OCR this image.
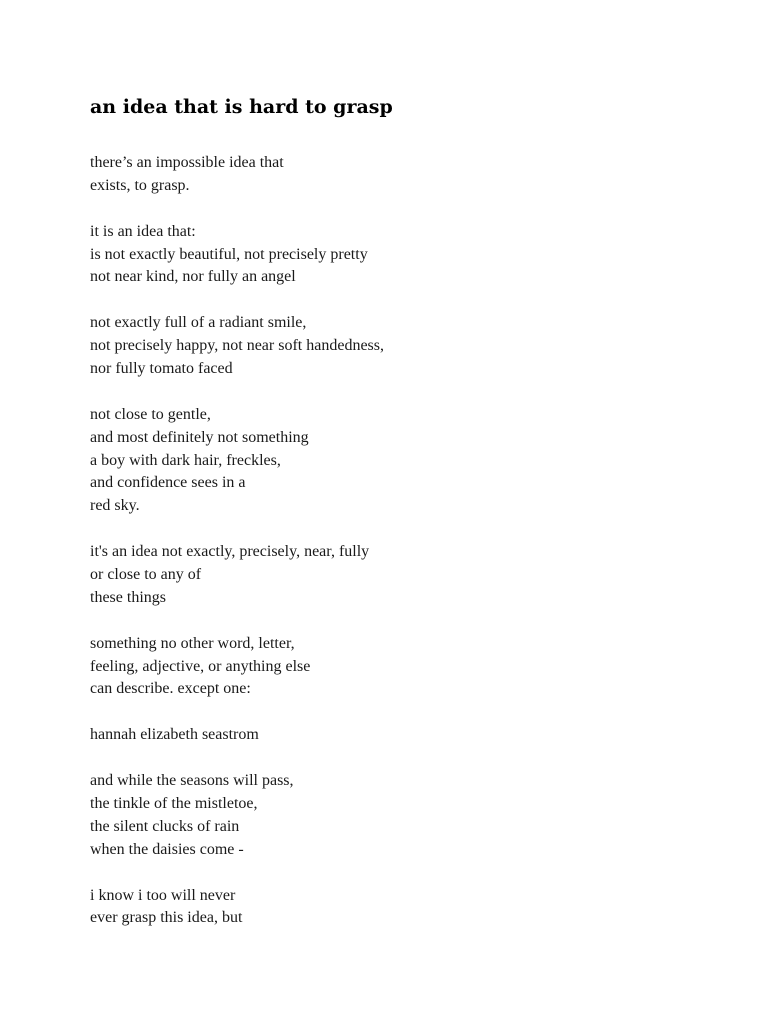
an idea that is hard to grasp

there’s an impossible idea that
exists, to grasp.

it is an idea that:
is not exactly beautiful, not precisely pretty
not near kind, nor fully an angel

not exactly full of a radiant smile,
not precisely happy, not near soft handedness,
nor fully tomato faced

not close to gentle,
and most definitely not something
a boy with dark hair, freckles,
and confidence sees in a
red sky.

it's an idea not exactly, precisely, near, fully
or close to any of
these things

something no other word, letter,
feeling, adjective, or anything else
can describe. except one:

hannah elizabeth seastrom

and while the seasons will pass,
the tinkle of the mistletoe,
the silent clucks of rain
when the daisies come -

i know i too will never
ever grasp this idea, but
